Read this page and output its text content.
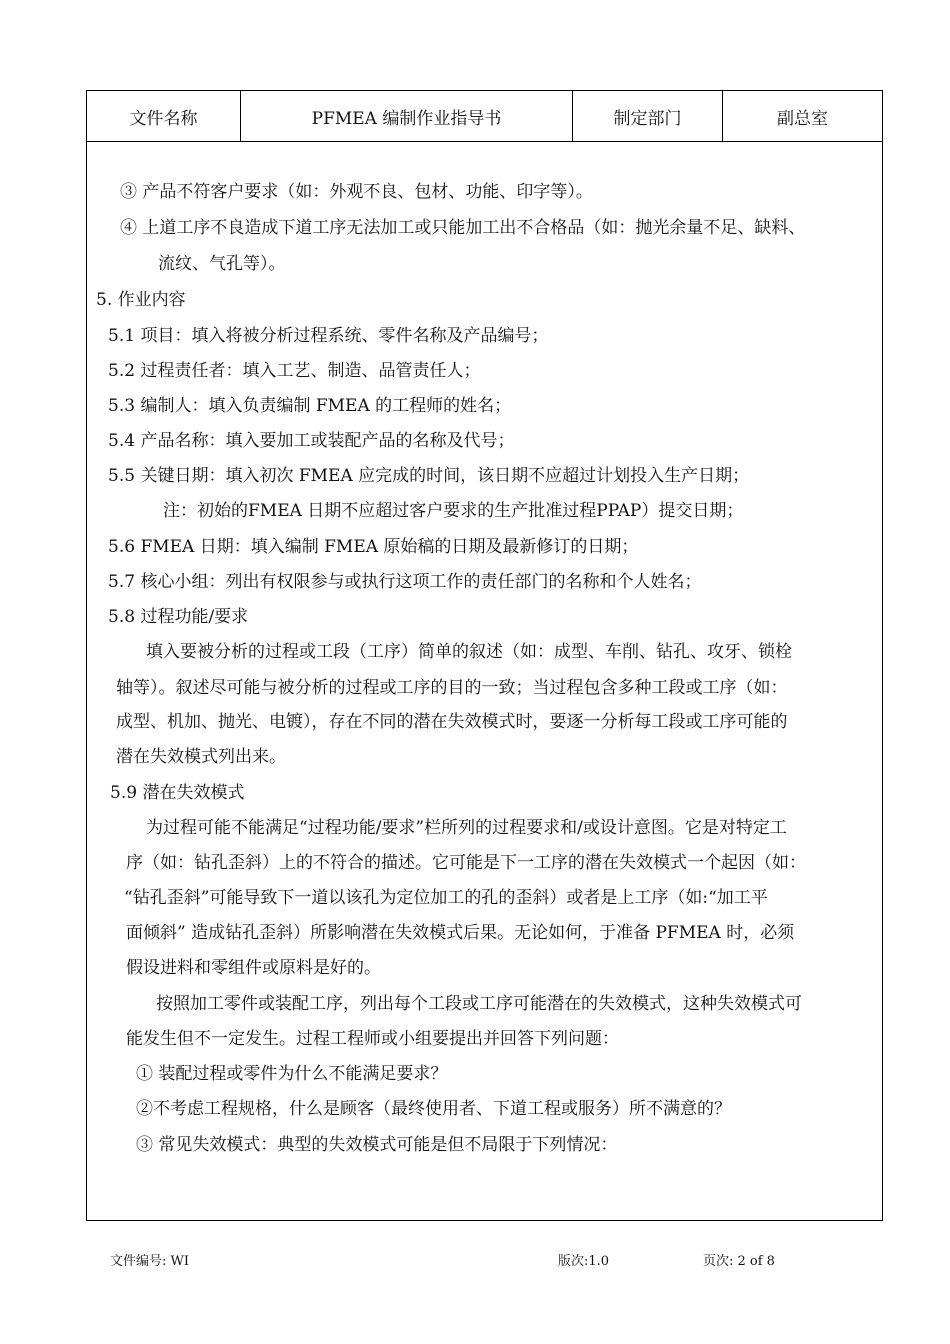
文件名称	PFMEA 编制作业指导书	制定部门	副总室
③ 产品不符客户要求（如：外观不良、包材、功能、印字等）。
④ 上道工序不良造成下道工序无法加工或只能加工出不合格品（如：抛光余量不足、缺料、
流纹、气孔等）。
5. 作业内容
5.1 项目：填入将被分析过程系统、零件名称及产品编号；
5.2 过程责任者：填入工艺、制造、品管责任人；
5.3 编制人：填入负责编制 FMEA 的工程师的姓名；
5.4 产品名称：填入要加工或装配产品的名称及代号；
5.5 关键日期：填入初次 FMEA 应完成的时间，该日期不应超过计划投入生产日期；
注：初始的FMEA 日期不应超过客户要求的生产批准过程PPAP）提交日期；
5.6 FMEA 日期：填入编制 FMEA 原始稿的日期及最新修订的日期；
5.7 核心小组：列出有权限参与或执行这项工作的责任部门的名称和个人姓名；
5.8 过程功能/要求
填入要被分析的过程或工段（工序）简单的叙述（如：成型、车削、钻孔、攻牙、锁栓
轴等）。叙述尽可能与被分析的过程或工序的目的一致；当过程包含多种工段或工序（如：
成型、机加、抛光、电镀），存在不同的潜在失效模式时，要逐一分析每工段或工序可能的
潜在失效模式列出来。
5.9 潜在失效模式
为过程可能不能满足“过程功能/要求”栏所列的过程要求和/或设计意图。它是对特定工
序（如：钻孔歪斜）上的不符合的描述。它可能是下一工序的潜在失效模式一个起因（如：
“钻孔歪斜”可能导致下一道以该孔为定位加工的孔的歪斜）或者是上工序（如:“加工平
面倾斜” 造成钻孔歪斜）所影响潜在失效模式后果。无论如何，于准备 PFMEA 时，必须
假设进料和零组件或原料是好的。
按照加工零件或装配工序，列出每个工段或工序可能潜在的失效模式，这种失效模式可
能发生但不一定发生。过程工程师或小组要提出并回答下列问题：
① 装配过程或零件为什么不能满足要求？
②不考虑工程规格，什么是顾客（最终使用者、下道工程或服务）所不满意的？
③ 常见失效模式：典型的失效模式可能是但不局限于下列情况：
文件编号: WI	版次:1.0	页次: 2 of 8
